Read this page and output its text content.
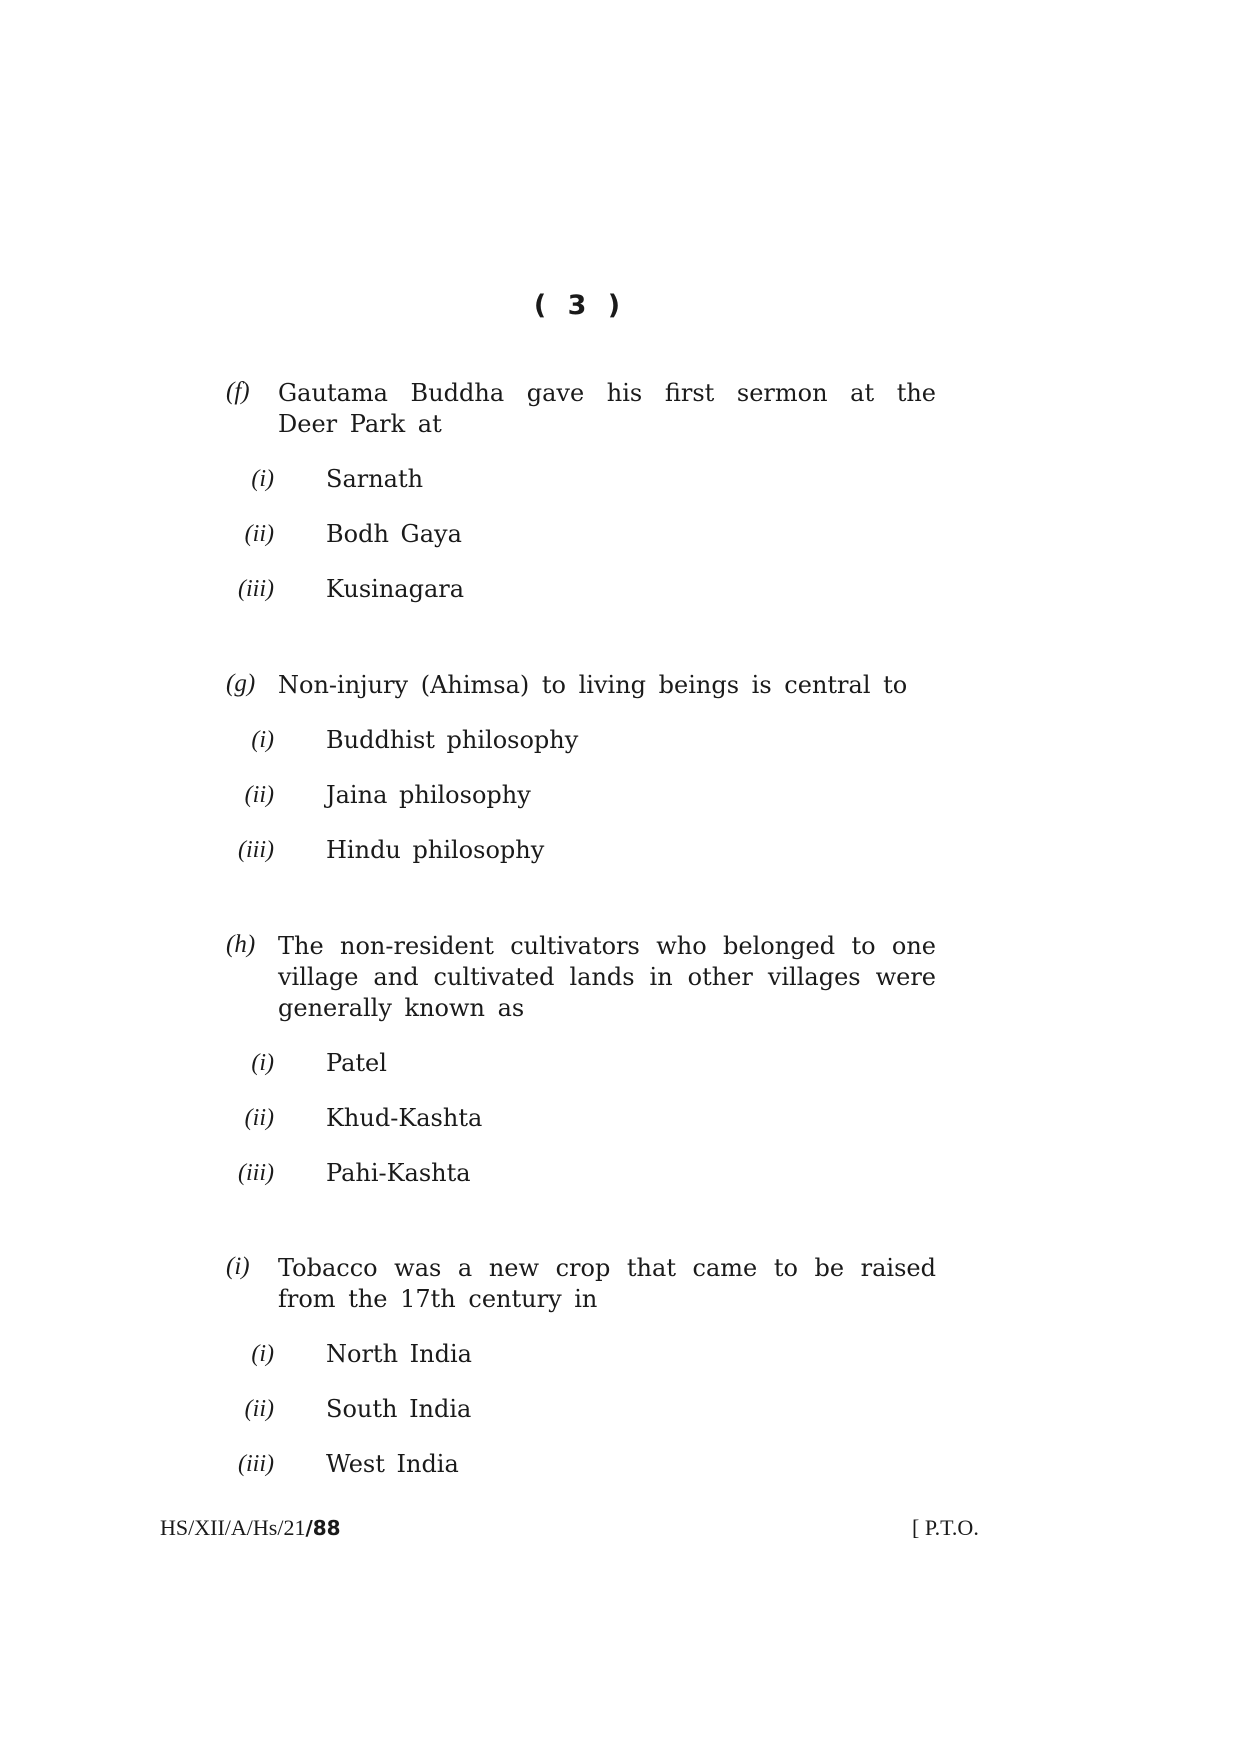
( 3 )
(f) Gautama Buddha gave his first sermon at the Deer Park at
(i) Sarnath
(ii) Bodh Gaya
(iii) Kusinagara
(g) Non-injury (Ahimsa) to living beings is central to
(i) Buddhist philosophy
(ii) Jaina philosophy
(iii) Hindu philosophy
(h) The non-resident cultivators who belonged to one village and cultivated lands in other villages were generally known as
(i) Patel
(ii) Khud-Kashta
(iii) Pahi-Kashta
(i) Tobacco was a new crop that came to be raised from the 17th century in
(i) North India
(ii) South India
(iii) West India
HS/XII/A/Hs/21/88	[ P.T.O.
